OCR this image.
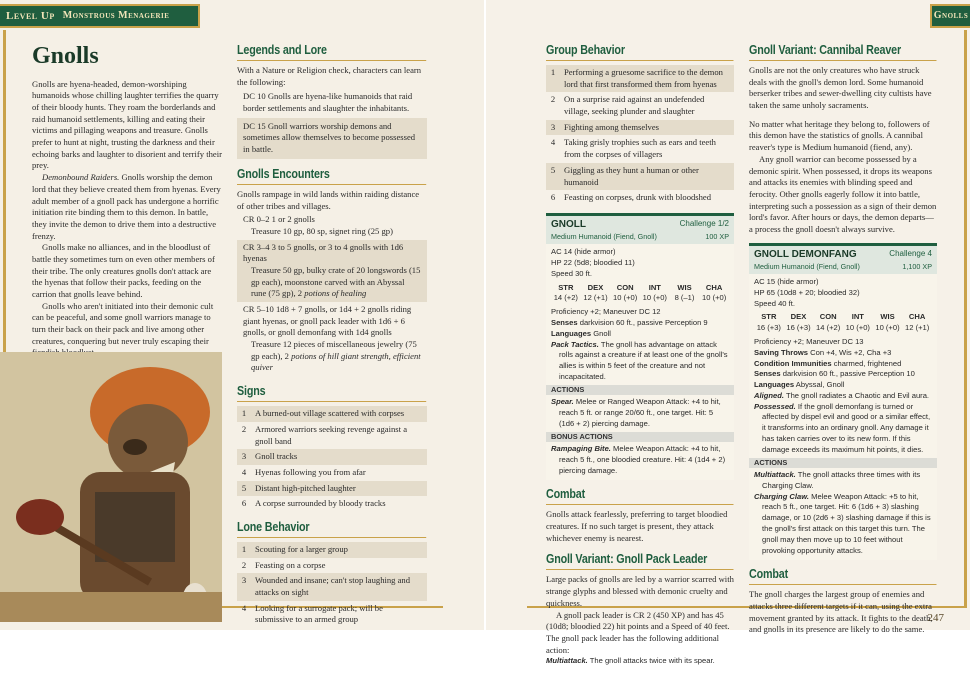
Level Up Monstrous Menagerie
Gnolls

Gnolls are hyena-headed, demon-worshiping humanoids whose chilling laughter terrifies the quarry of their bloody hunts. They roam the borderlands and raid humanoid settlements, killing and eating their victims and pillaging weapons and treasure. Gnolls prefer to hunt at night, trusting the darkness and their echoing barks and laughter to disorient and terrify their prey.

Demonbound Raiders. Gnolls worship the demon lord that they believe created them from hyenas. Every adult member of a gnoll pack has undergone a horrific initiation rite binding them to this demon. In battle, they invite the demon to drive them into a destructive frenzy.

Gnolls make no alliances, and in the bloodlust of battle they sometimes turn on even other members of their tribe. The only creatures gnolls don't attack are the hyenas that follow their packs, feeding on the carrion that gnolls leave behind.

Gnolls who aren't initiated into their demonic cult can be peaceful, and some gnoll warriors manage to turn their back on their pack and live among other creatures, conquering but never truly escaping their

Legends and Lore

With a Nature or Religion check, characters can learn the following:

DC 10 Gnolls are hyena-like humanoids that raid border settlements and slaughter the inhabitants.
DC 15 Gnoll warriors worship demons and sometimes allow themselves to become possessed in battle.
Gnolls Encounters

Gnolls rampage in wild lands within raiding distance of other tribes and villages.

CR 0–2 1 or 2 gnolls
Treasure 10 gp, 80 sp, signet ring (25 gp)
CR 3–4 3 to 5 gnolls, or 3 to 4 gnolls with 1d6 hyenas
Treasure 50 gp, bulky crate of 20 longswords (15 gp each), moonstone carved with an Abyssal rune (75 gp), 2 potions of healing
CR 5–10 1d8 + 7 gnolls, or 1d4 + 2 gnolls riding giant hyenas, or gnoll pack leader with 1d6 + 6 gnolls, or gnoll demonfang with 1d4 gnolls
Treasure 12 pieces of miscellaneous jewelry (75 gp each), 2 potions of hill giant strength, efficient quiver
Signs
1	A burned-out village scattered with corpses
2	Armored warriors seeking revenge against a gnoll band
3	Gnoll tracks
4	Hyenas following you from afar
5	Distant high-pitched laughter
6	A corpse surrounded by bloody tracks
Lone Behavior
1	Scouting for a larger group
2	Feasting on a corpse
3	Wounded and insane; can't stop laughing and attacks on sight
4	Looking for a surrogate pack; will be submissive to an armed group
Gnolls
247
Group Behavior
1	Performing a gruesome sacrifice to the demon lord that first transformed them from hyenas
2	On a surprise raid against an undefended village, seeking plunder and slaughter
3	Fighting among themselves
4	Taking grisly trophies such as ears and teeth from the corpses of villagers
5	Giggling as they hunt a human or other humanoid
6	Feasting on corpses, drunk with bloodshed
GNOLL	Challenge 1/2
Medium Humanoid (Fiend, Gnoll)	100 XP
AC 14 (hide armor)
HP 22 (5d8; bloodied 11)
Speed 30 ft.
STR	DEX	CON	INT	WIS	CHA
14 (+2) 12 (+1) 10 (+0) 10 (+0)	8 (–1)	10 (+0)
Proficiency +2; Maneuver DC 12
Senses darkvision 60 ft., passive Perception 9
Languages Gnoll
Pack Tactics. The gnoll has advantage on attack rolls against a creature if at least one of the gnoll's allies is within 5 feet of the creature and not incapacitated.
ACTIONS
Spear. Melee or Ranged Weapon Attack: +4 to hit, reach 5 ft. or range 20/60 ft., one target. Hit: 5 (1d6 + 2) piercing damage.
BONUS ACTIONS
Rampaging Bite. Melee Weapon Attack: +4 to hit, reach 5 ft., one bloodied creature. Hit: 4 (1d4 + 2) piercing damage.
Combat

Gnolls attack fearlessly, preferring to target bloodied creatures. If no such target is present, they attack whichever enemy is nearest.

Gnoll Variant: Gnoll Pack Leader

Large packs of gnolls are led by a warrior scarred with strange glyphs and blessed with demonic cruelty and quickness.

A gnoll pack leader is CR 2 (450 XP) and has 45 (10d8; bloodied 22) hit points and a Speed of 40 feet. The gnoll pack leader has the following additional action:

Multiattack. The gnoll attacks twice with its spear.
Gnoll Variant: Cannibal Reaver

Gnolls are not the only creatures who have struck deals with the gnoll's demon lord. Some humanoid berserker tribes and sewer-dwelling city cultists have taken the same unholy sacraments.

No matter what heritage they belong to, followers of this demon have the statistics of gnolls. A cannibal reaver's type is Medium humanoid (fiend, any).

Any gnoll warrior can become possessed by a demonic spirit. When possessed, it drops its weapons and attacks its enemies with blinding speed and ferocity. Other gnolls eagerly follow it into battle, interpreting such a possession as a sign of their demon lord's favor. After hours or days, the demon departs—a process the gnoll doesn't always survive.

GNOLL DEMONFANG	Challenge 4
Medium Humanoid (Fiend, Gnoll)	1,100 XP
AC 15 (hide armor)
HP 65 (10d8 + 20; bloodied 32)
Speed 40 ft.
STR	DEX	CON	INT	WIS	CHA
16 (+3) 16 (+3) 14 (+2) 10 (+0) 10 (+0) 12 (+1)
Proficiency +2; Maneuver DC 13
Saving Throws Con +4, Wis +2, Cha +3
Condition Immunities charmed, frightened
Senses darkvision 60 ft., passive Perception 10
Languages Abyssal, Gnoll
Aligned. The gnoll radiates a Chaotic and Evil aura.
Possessed. If the gnoll demonfang is turned or affected by dispel evil and good or a similar effect, it transforms into an ordinary gnoll. Any damage it has taken carries over to its new form. If this damage exceeds its maximum hit points, it dies.
ACTIONS
Multiattack. The gnoll attacks three times with its Charging Claw.
Charging Claw. Melee Weapon Attack: +5 to hit, reach 5 ft., one target. Hit: 6 (1d6 + 3) slashing damage, or 10 (2d6 + 3) slashing damage if this is the gnoll's first attack on this target this turn. The gnoll may then move up to 10 feet without provoking opportunity attacks.
Combat

The gnoll charges the largest group of enemies and attacks three different targets if it can, using the extra movement granted by its attack. It fights to the death, and gnolls in its presence are likely to do the same.
